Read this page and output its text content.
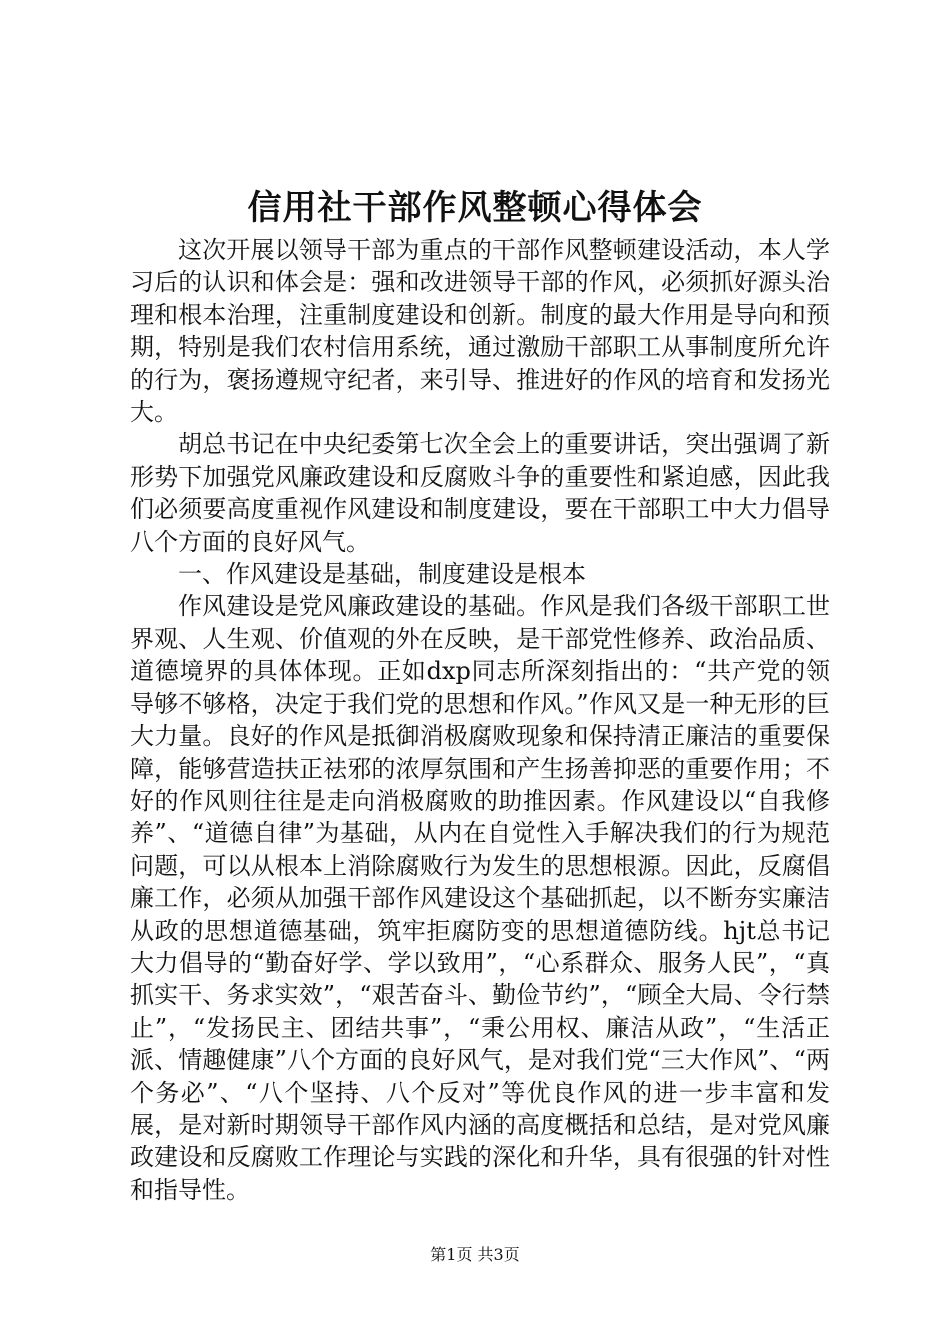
信用社干部作风整顿心得体会

这次开展以领导干部为重点的干部作风整顿建设活动，本人学习后的认识和体会是：强和改进领导干部的作风，必须抓好源头治理和根本治理，注重制度建设和创新。制度的最大作用是导向和预期，特别是我们农村信用系统，通过激励干部职工从事制度所允许的行为，褒扬遵规守纪者，来引导、推进好的作风的培育和发扬光大。

胡总书记在中央纪委第七次全会上的重要讲话，突出强调了新形势下加强党风廉政建设和反腐败斗争的重要性和紧迫感，因此我们必须要高度重视作风建设和制度建设，要在干部职工中大力倡导八个方面的良好风气。

一、作风建设是基础，制度建设是根本

作风建设是党风廉政建设的基础。作风是我们各级干部职工世界观、人生观、价值观的外在反映，是干部党性修养、政治品质、道德境界的具体体现。正如dxp同志所深刻指出的：“共产党的领导够不够格，决定于我们党的思想和作风。”作风又是一种无形的巨大力量。良好的作风是抵御消极腐败现象和保持清正廉洁的重要保障，能够营造扶正祛邪的浓厚氛围和产生扬善抑恶的重要作用；不好的作风则往往是走向消极腐败的助推因素。作风建设以“自我修养”、“道德自律”为基础，从内在自觉性入手解决我们的行为规范问题，可以从根本上消除腐败行为发生的思想根源。因此，反腐倡廉工作，必须从加强干部作风建设这个基础抓起，以不断夯实廉洁从政的思想道德基础，筑牢拒腐防变的思想道德防线。hjt总书记大力倡导的“勤奋好学、学以致用”，“心系群众、服务人民”，“真抓实干、务求实效”，“艰苦奋斗、勤俭节约”，“顾全大局、令行禁止”，“发扬民主、团结共事”，“秉公用权、廉洁从政”，“生活正派、情趣健康”八个方面的良好风气，是对我们党“三大作风”、“两个务必”、“八个坚持、八个反对”等优良作风的进一步丰富和发展，是对新时期领导干部作风内涵的高度概括和总结，是对党风廉政建设和反腐败工作理论与实践的深化和升华，具有很强的针对性和指导性。

第1页 共3页
